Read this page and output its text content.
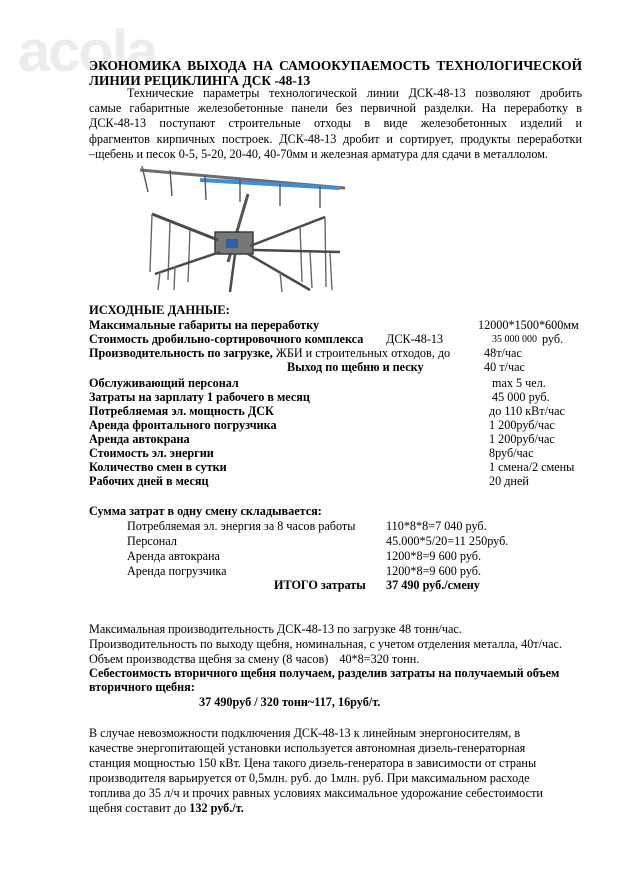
acola
ЭКОНОМИКА ВЫХОДА НА САМООКУПАЕМОСТЬ ТЕХНОЛОГИЧЕСКОЙ
ЛИНИИ РЕЦИКЛИНГА ДСК -48-13
Технические параметры технологической линии ДСК-48-13 позволяют дробить
самые габаритные железобетонные панели без первичной разделки. На переработку в
ДСК-48-13 поступают строительные отходы в виде железобетонных изделий и
фрагментов кирпичных построек. ДСК-48-13 дробит и сортирует, продукты переработки
–щебень и песок 0-5, 5-20, 20-40, 40-70мм и железная арматура для сдачи в металлолом.
ИСХОДНЫЕ ДАННЫЕ:
Максимальные габариты на переработку	12000*1500*600мм
Стоимость дробильно-сортировочного комплекса ДСК-48-13	35 000 000 руб.
Производительность по загрузке, ЖБИ и строительных отходов, до	48т/час
Выход по щебню и песку	40 т/час
Обслуживающий персонал	max 5 чел.
Затраты на зарплату 1 рабочего в месяц	45 000 руб.
Потребляемая эл. мощность ДСК	до 110 кВт/час
Аренда фронтального погрузчика	1 200руб/час
Аренда автокрана	1 200руб/час
Стоимость эл. энергии	8руб/час
Количество смен в сутки	1 смена/2 смены
Рабочих дней в месяц	20 дней
Сумма затрат в одну смену складывается:
Потребляемая эл. энергия за 8 часов работы	110*8*8=7 040 руб.
Персонал	45.000*5/20=11 250руб.
Аренда автокрана	1200*8=9 600 руб.
Аренда погрузчика	1200*8=9 600 руб.
ИТОГО затраты 37 490 руб./смену
Максимальная производительность ДСК-48-13 по загрузке 48 тонн/час.
Производительность по выходу щебня, номинальная, с учетом отделения металла, 40т/час.
Объем производства щебня за смену (8 часов) 40*8=320 тонн.
Себестоимость вторичного щебня получаем, разделив затраты на получаемый объем
вторичного щебня:
37 490руб / 320 тонн~117, 16руб/т.
В случае невозможности подключения ДСК-48-13 к линейным энергоносителям, в
качестве энергопитающей установки используется автономная дизель-генераторная
станция мощностью 150 кВт. Цена такого дизель-генератора в зависимости от страны
производителя варьируется от 0,5млн. руб. до 1млн. руб. При максимальном расходе
топлива до 35 л/ч и прочих равных условиях максимальное удорожание себестоимости
щебня составит до 132 руб./т.
